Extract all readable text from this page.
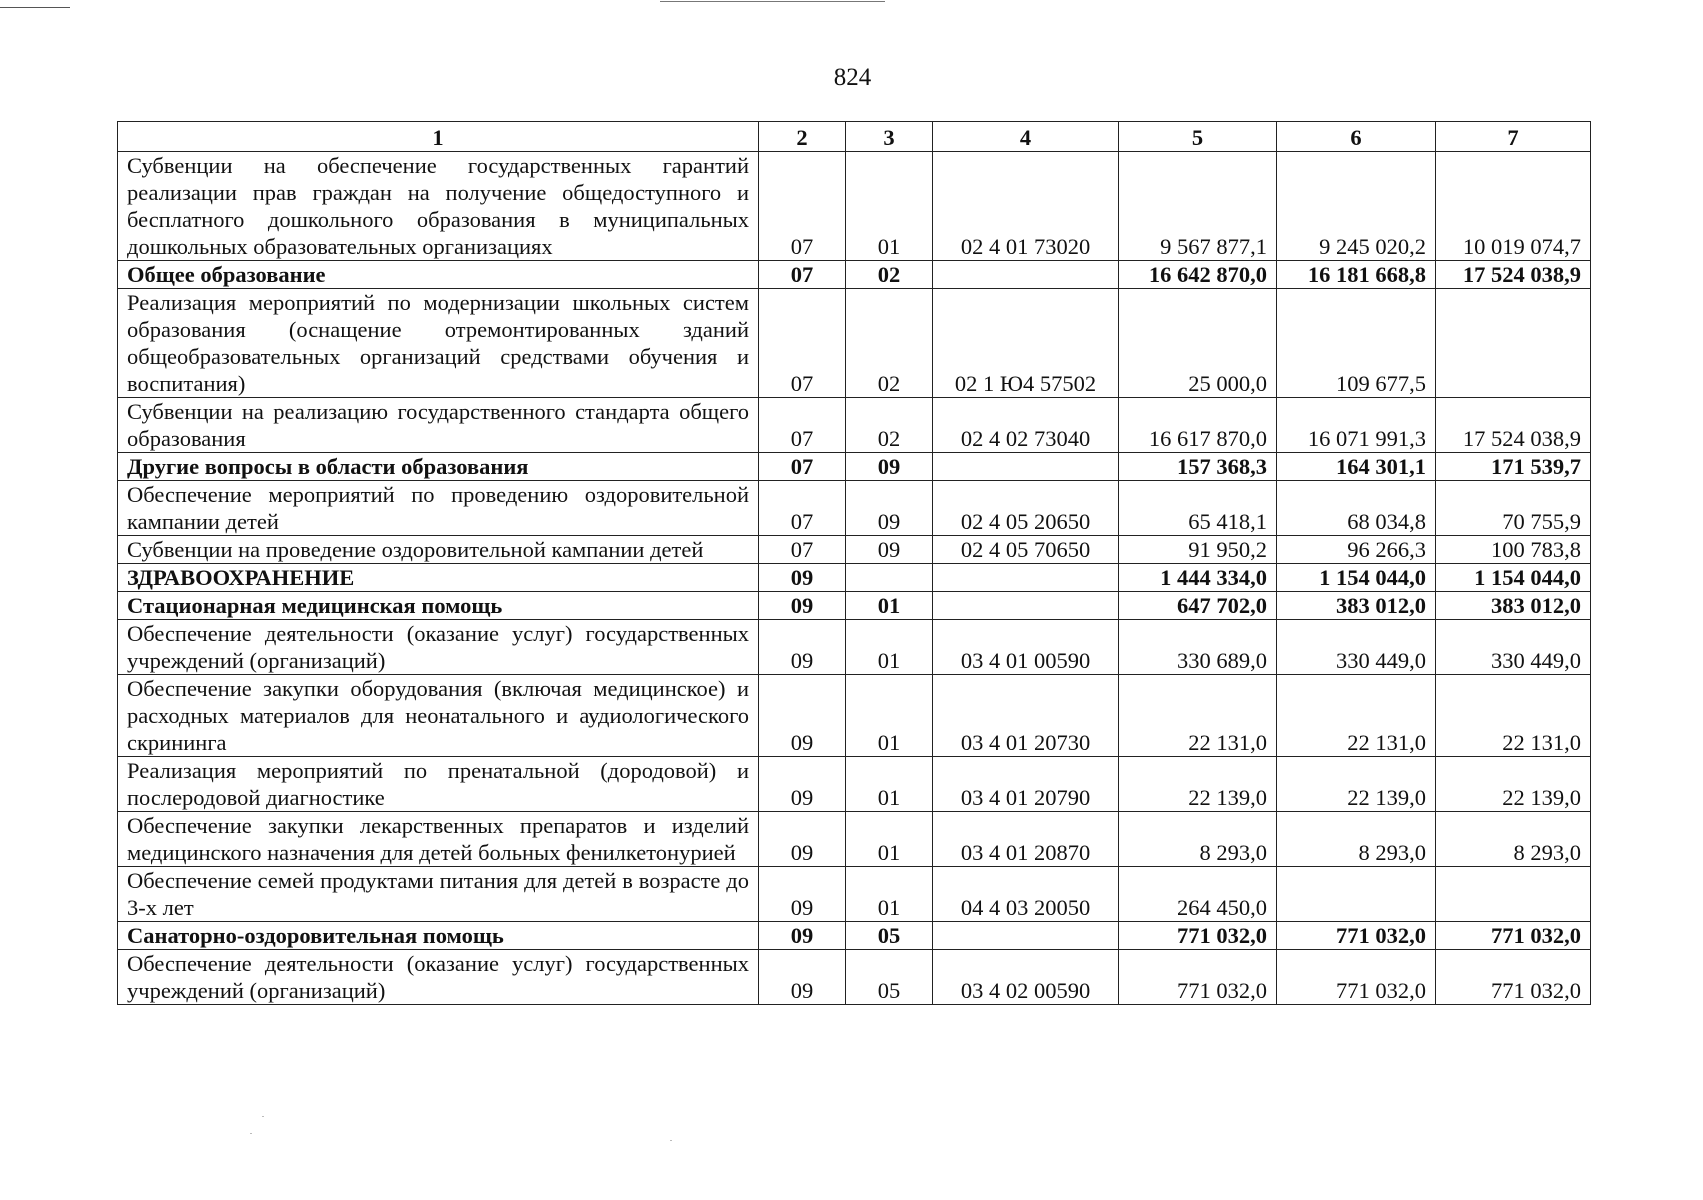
824
1	2	3	4	5	6	7
Субвенции на обеспечение государственных гарантий реализации прав граждан на получение общедоступного и бесплатного дошкольного образования в муниципальных дошкольных образовательных организациях	07	01	02 4 01 73020	9 567 877,1	9 245 020,2	10 019 074,7
Общее образование	07	02		16 642 870,0	16 181 668,8	17 524 038,9
Реализация мероприятий по модернизации школьных систем образования (оснащение отремонтированных зданий общеобразовательных организаций средствами обучения и воспитания)	07	02	02 1 Ю4 57502	25 000,0	109 677,5	
Субвенции на реализацию государственного стандарта общего образования	07	02	02 4 02 73040	16 617 870,0	16 071 991,3	17 524 038,9
Другие вопросы в области образования	07	09		157 368,3	164 301,1	171 539,7
Обеспечение мероприятий по проведению оздоровительной кампании детей	07	09	02 4 05 20650	65 418,1	68 034,8	70 755,9
Субвенции на проведение оздоровительной кампании детей	07	09	02 4 05 70650	91 950,2	96 266,3	100 783,8
ЗДРАВООХРАНЕНИЕ	09			1 444 334,0	1 154 044,0	1 154 044,0
Стационарная медицинская помощь	09	01		647 702,0	383 012,0	383 012,0
Обеспечение деятельности (оказание услуг) государственных учреждений (организаций)	09	01	03 4 01 00590	330 689,0	330 449,0	330 449,0
Обеспечение закупки оборудования (включая медицинское) и расходных материалов для неонатального и аудиологического скрининга	09	01	03 4 01 20730	22 131,0	22 131,0	22 131,0
Реализация мероприятий по пренатальной (дородовой) и послеродовой диагностике	09	01	03 4 01 20790	22 139,0	22 139,0	22 139,0
Обеспечение закупки лекарственных препаратов и изделий медицинского назначения для детей больных фенилкетонурией	09	01	03 4 01 20870	8 293,0	8 293,0	8 293,0
Обеспечение семей продуктами питания для детей в возрасте до 3-х лет	09	01	04 4 03 20050	264 450,0		
Санаторно-оздоровительная помощь	09	05		771 032,0	771 032,0	771 032,0
Обеспечение деятельности (оказание услуг) государственных учреждений (организаций)	09	05	03 4 02 00590	771 032,0	771 032,0	771 032,0
